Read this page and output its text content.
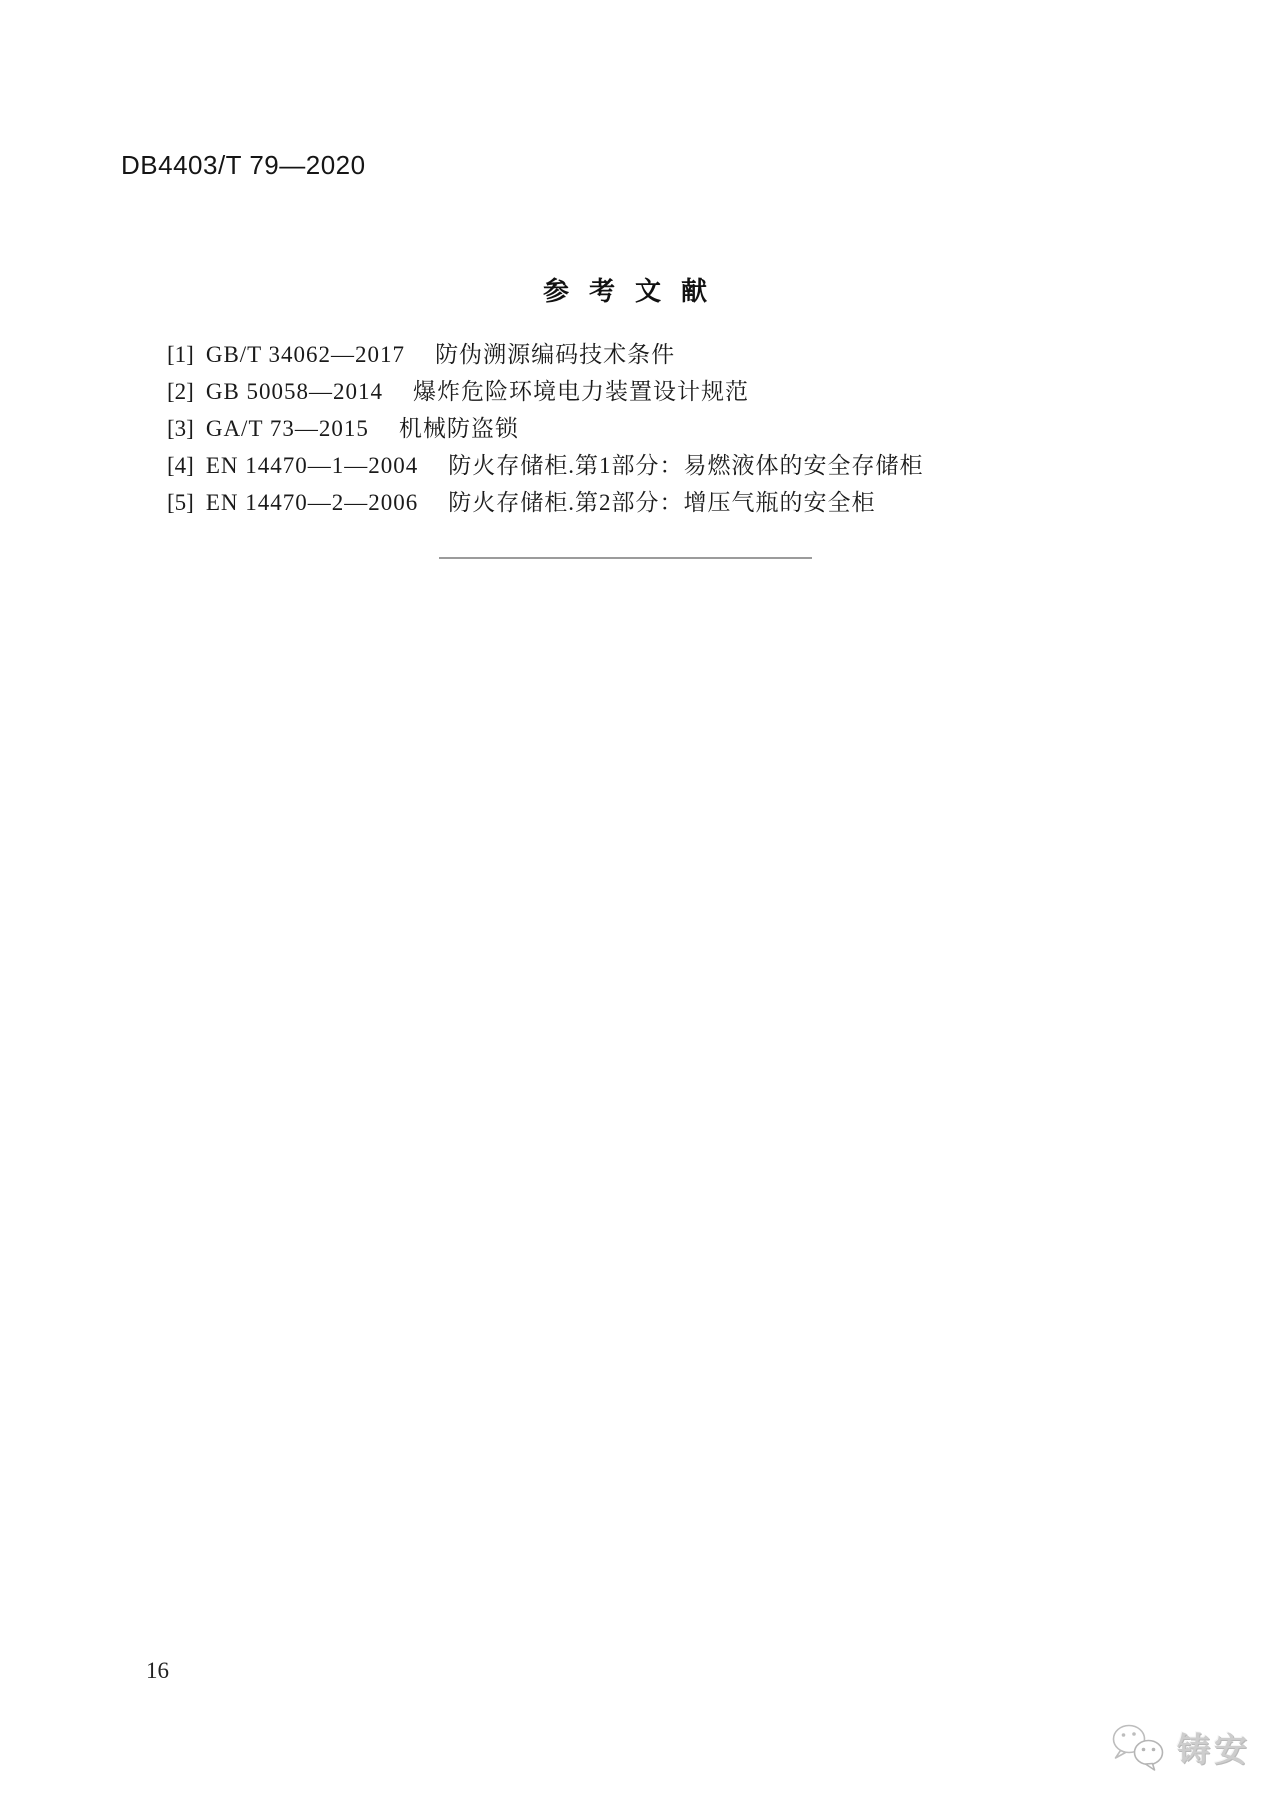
DB4403/T 79—2020
参考文献
[1] GB/T 34062—2017 防伪溯源编码技术条件
[2] GB 50058—2014 爆炸危险环境电力装置设计规范
[3] GA/T 73—2015 机械防盗锁
[4] EN 14470—1—2004 防火存储柜.第1部分：易燃液体的安全存储柜
[5] EN 14470—2—2006 防火存储柜.第2部分：增压气瓶的安全柜
16
铸安
